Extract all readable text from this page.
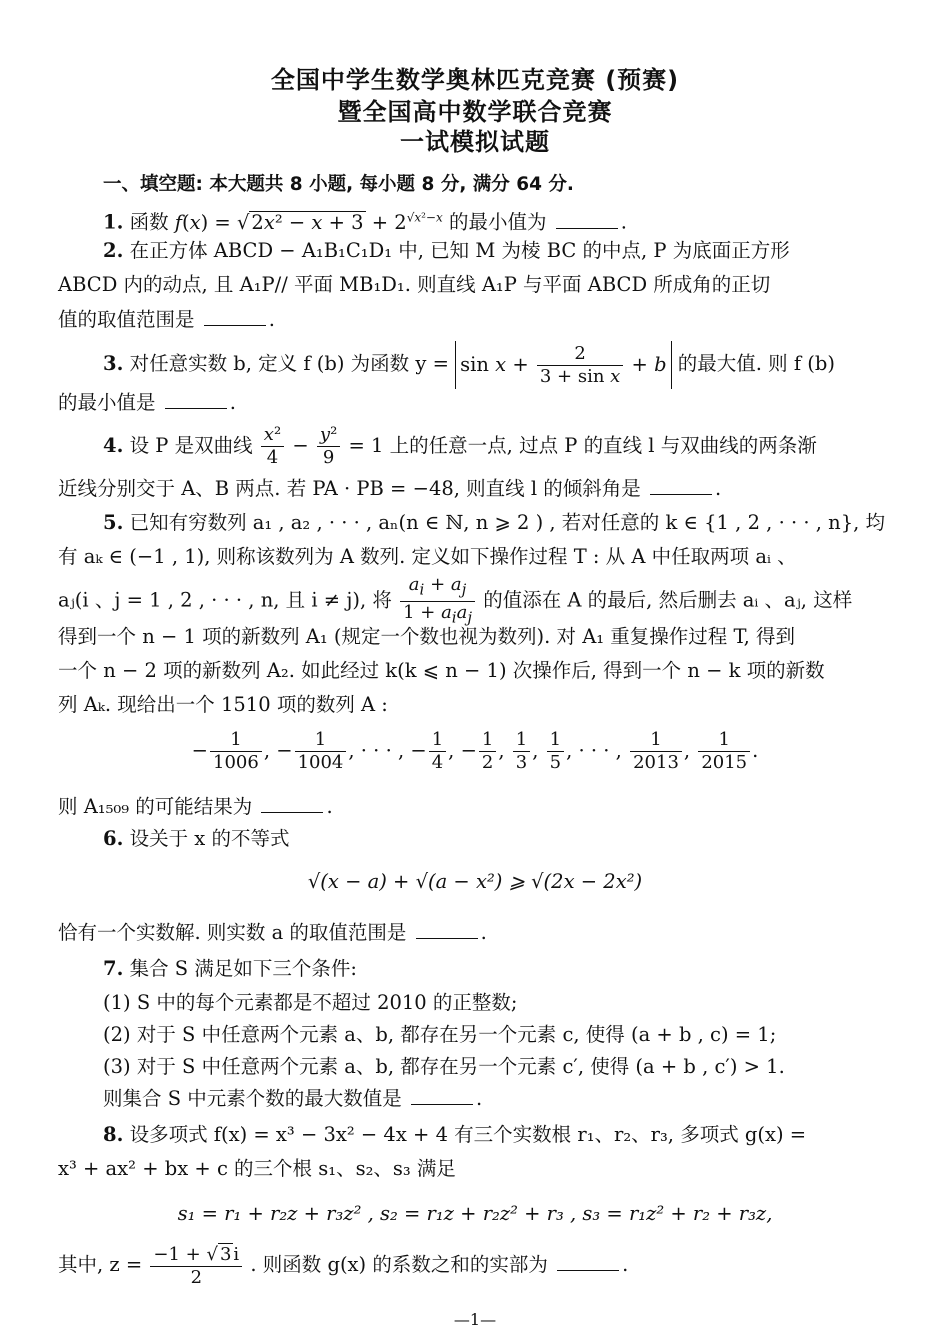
全国中学生数学奥林匹克竞赛 (预赛)
暨全国高中数学联合竞赛
一试模拟试题
一、填空题: 本大题共 8 小题, 每小题 8 分, 满分 64 分.
1. 函数 f(x) = √ $2x^2 - x + 3 + 2^{√x^2-x}$ 的最小值为	.
2. 在正方体 ABCD − A₁B₁C₁D₁ 中, 已知 M 为棱 BC 的中点, P 为底面正方形
ABCD 内的动点, 且 A₁P// 平面 MB₁D₁. 则直线 A₁P 与平面 ABCD 所成角的正切
值的取值范围是	.
3. 对任意实数 b, 定义 f (b) 为函数 $y = \sin x + \frac{2}{\text{3 + sin x}} + b$ 的最大值. 则 f (b)
的最小值是	.
4. 设 P 是双曲线 $\frac{\text{x²}}{4} - \frac{\text{y²}}{9} = 1$ 上的任意一点, 过点 P 的直线 l 与双曲线的两条渐
近线分别交于 A、B 两点. 若 PA · PB = −48, 则直线 l 的倾斜角是	.
5. 已知有穷数列 a₁ , a₂ , · · · , aₙ(n ∈ ℕ, n ⩾ 2 ) , 若对任意的 k ∈ {1 , 2 , · · · , n}, 均
有 aₖ ∈ (−1 , 1), 则称该数列为 A 数列. 定义如下操作过程 T : 从 A 中任取两项 aᵢ 、
aⱼ(i 、j = 1 , 2 , · · · , n, 且 i ≠ j), 将 $\frac{a_i + a_j}{1 + a_ia_j}$ 的值添在 A 的最后, 然后删去 aᵢ 、aⱼ, 这样
得到一个 n − 1 项的新数列 A₁ (规定一个数也视为数列). 对 A₁ 重复操作过程 T, 得到
一个 n − 2 项的新数列 A₂. 如此经过 k(k ⩽ n − 1) 次操作后, 得到一个 n − k 项的新数
列 Aₖ. 现给出一个 1510 项的数列 A :
− $\frac{1}{1006}$ , − $\frac{1}{1004}$ , · · · , − $\frac{1}{4}$ , − $\frac{1}{2}$ , $\frac{1}{3}$ , $\frac{1}{5}$ , · · · , $\frac{1}{2013}$ , $\frac{1}{2015}$ .
则 A₁₅₀₉ 的可能结果为	.
6. 设关于 x 的不等式
√(x − a) + √(a − x²) ⩾ √(2x − 2x²)
恰有一个实数解. 则实数 a 的取值范围是	.
7. 集合 S 满足如下三个条件:
(1) S 中的每个元素都是不超过 2010 的正整数;
(2) 对于 S 中任意两个元素 a、b, 都存在另一个元素 c, 使得 (a + b , c) = 1;
(3) 对于 S 中任意两个元素 a、b, 都存在另一个元素 c′, 使得 (a + b , c′) > 1.
则集合 S 中元素个数的最大数值是	.
8. 设多项式 f(x) = x³ − 3x² − 4x + 4 有三个实数根 r₁、r₂、r₃, 多项式 g(x) =
x³ + ax² + bx + c 的三个根 s₁、s₂、s₃ 满足
s₁ = r₁ + r₂z + r₃z² , s₂ = r₁z + r₂z² + r₃ , s₃ = r₁z² + r₂ + r₃z,
其中, $z = \frac{-1 + √ 3 i}{2}$ . 则函数 g(x) 的系数之和的实部为	.
—1—
